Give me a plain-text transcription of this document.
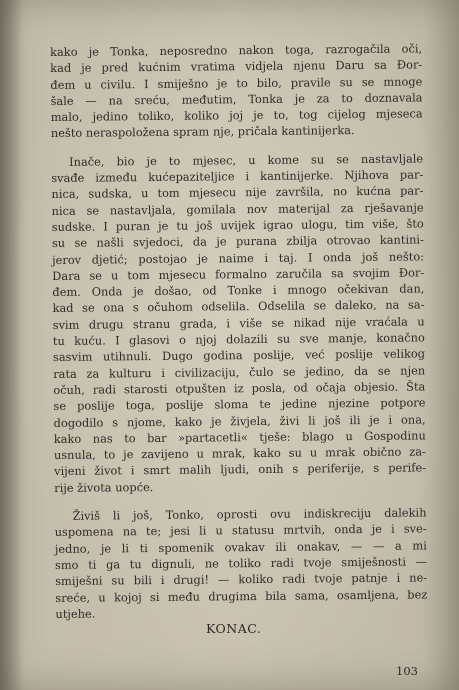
kako je Tonka, neposredno nakon toga, razrogačila oči,
kad je pred kućnim vratima vidjela njenu Daru sa Đor-
đem u civilu. I smiješno je to bilo, pravile su se mnoge
šale — na sreću, međutim, Tonka je za to doznavala
malo, jedino toliko, koliko joj je to, tog cijelog mjeseca
nešto neraspoložena spram nje, pričala kantinijerka.
Inače, bio je to mjesec, u kome su se nastavljale
svađe između kućepaziteljice i kantinijerke. Njihova par-
nica, sudska, u tom mjesecu nije završila, no kućna par-
nica se nastavljala, gomilala nov materijal za rješavanje
sudske. I puran je tu još uvijek igrao ulogu, tim više, što
su se našli svjedoci, da je purana zbilja otrovao kantini-
jerov djetić; postojao je naime i taj. I onda još nešto:
Dara se u tom mjesecu formalno zaručila sa svojim Đor-
đem. Onda je došao, od Tonke i mnogo očekivan dan,
kad se ona s očuhom odselila. Odselila se daleko, na sa-
svim drugu stranu grada, i više se nikad nije vraćala u
tu kuću. I glasovi o njoj dolazili su sve manje, konačno
sasvim utihnuli. Dugo godina poslije, već poslije velikog
rata za kulturu i civilizaciju, čulo se jedino, da se njen
očuh, radi starosti otpušten iz posla, od očaja objesio. Šta
se poslije toga, poslije sloma te jedine njezine potpore
dogodilo s njome, kako je živjela, živi li još ili je i ona,
kako nas to bar »partacetli« tješe: blago u Gospodinu
usnula, to je zavijeno u mrak, kako su u mrak obično za-
vijeni život i smrt malih ljudi, onih s periferije, s perife-
rije života uopće.
Živiš li još, Tonko, oprosti ovu indiskreciju dalekih
uspomena na te; jesi li u statusu mrtvih, onda je i sve-
jedno, je li ti spomenik ovakav ili onakav, — — a mi
smo ti ga tu dignuli, ne toliko radi tvoje smiješnosti —
smiješni su bili i drugi! — koliko radi tvoje patnje i ne-
sreće, u kojoj si među drugima bila sama, osamljena, bez
utjehe.
KONAC.
103
